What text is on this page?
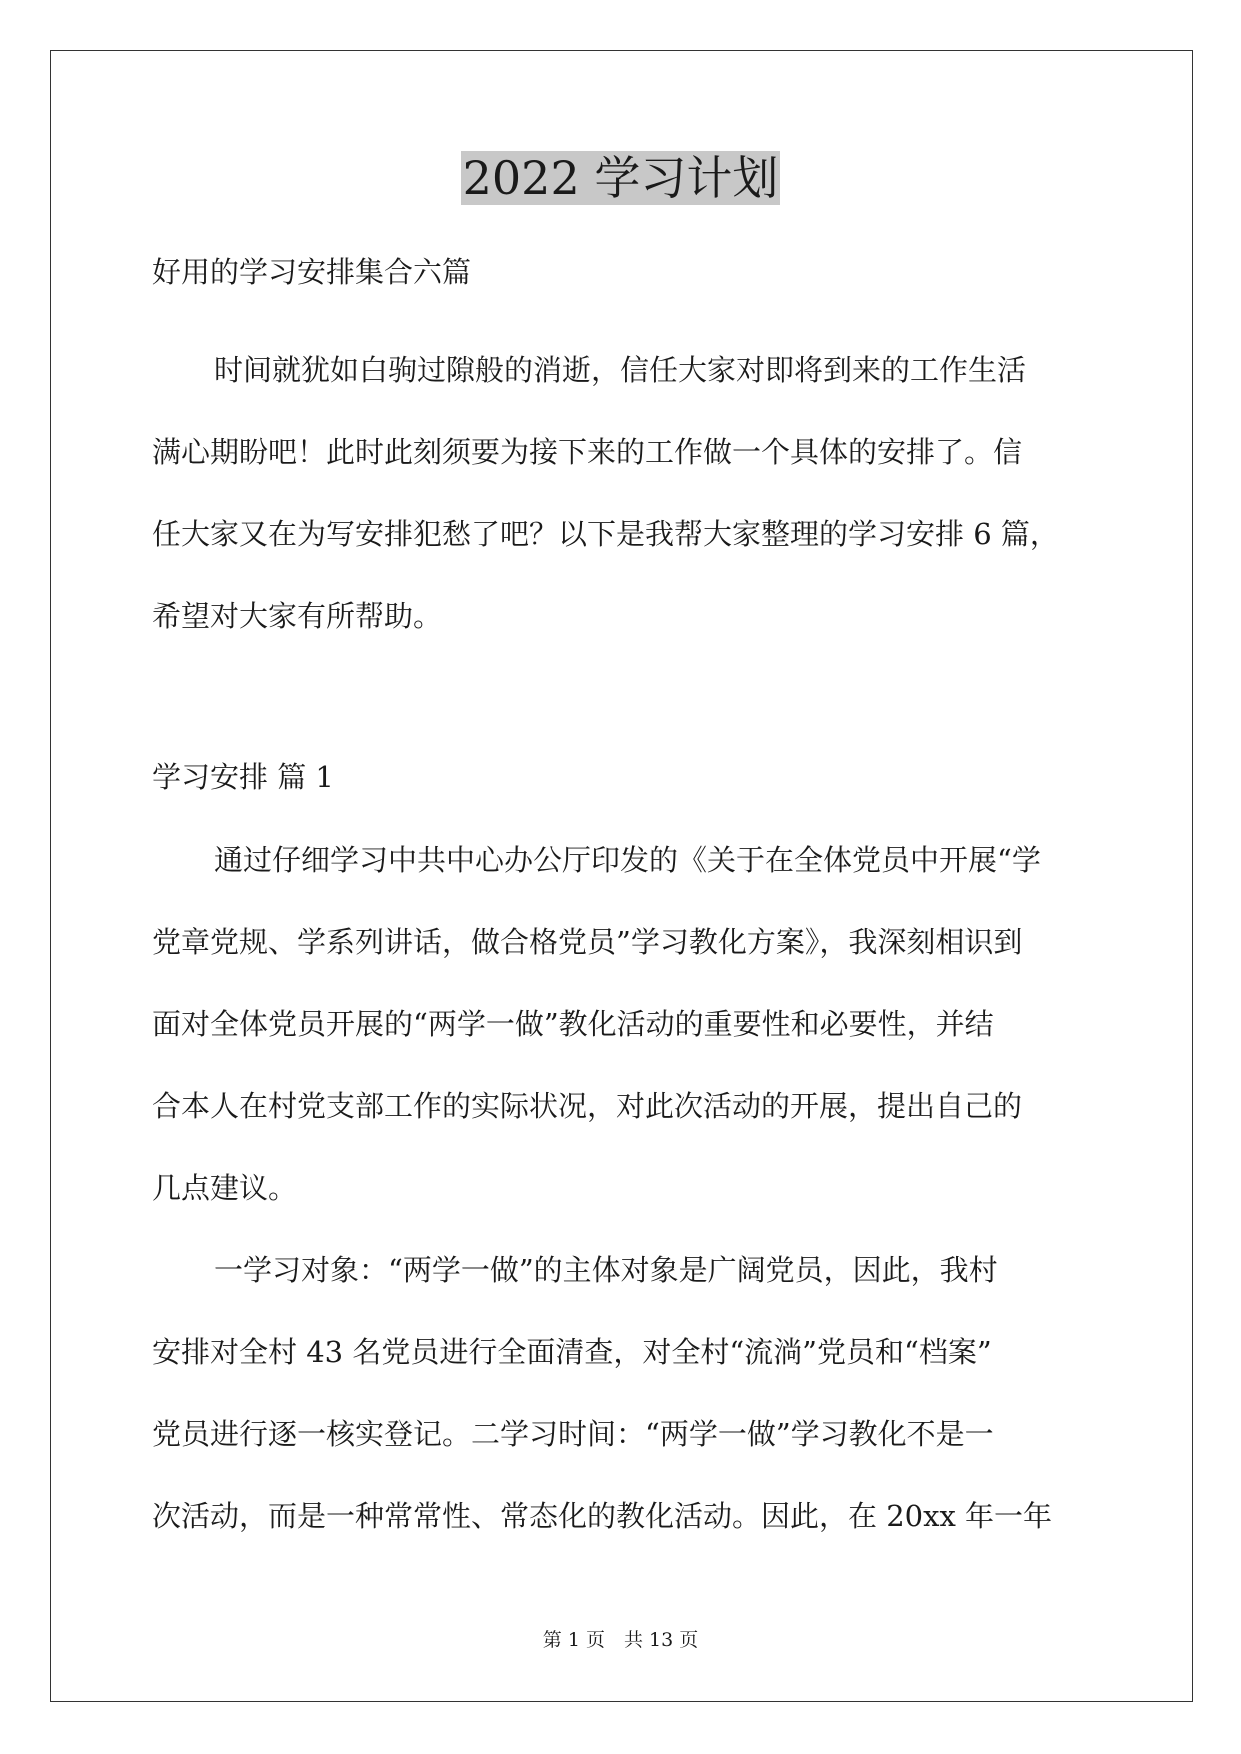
2022 学习计划
好用的学习安排集合六篇
时间就犹如白驹过隙般的消逝，信任大家对即将到来的工作生活
满心期盼吧！此时此刻须要为接下来的工作做一个具体的安排了。信
任大家又在为写安排犯愁了吧？以下是我帮大家整理的学习安排 6 篇，
希望对大家有所帮助。
学习安排 篇 1
通过仔细学习中共中心办公厅印发的《关于在全体党员中开展“学
党章党规、学系列讲话，做合格党员”学习教化方案》，我深刻相识到
面对全体党员开展的“两学一做”教化活动的重要性和必要性，并结
合本人在村党支部工作的实际状况，对此次活动的开展，提出自己的
几点建议。
一学习对象：“两学一做”的主体对象是广阔党员，因此，我村
安排对全村 43 名党员进行全面清查，对全村“流淌”党员和“档案”
党员进行逐一核实登记。二学习时间：“两学一做”学习教化不是一
次活动，而是一种常常性、常态化的教化活动。因此，在 20xx 年一年
第 1 页　共 13 页
